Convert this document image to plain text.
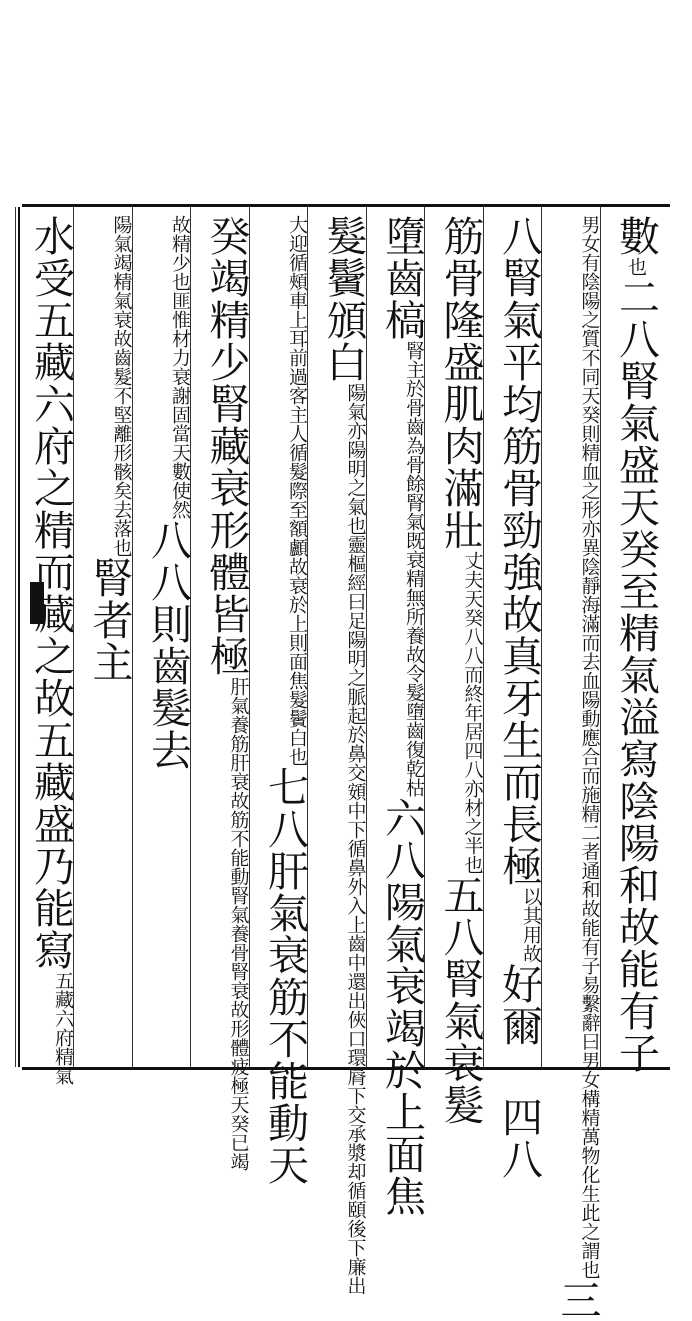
數也二八腎氣盛天癸至精氣溢寫陰陽和故能有子
男女有陰陽之質不同天癸則精血之形亦異陰靜海滿而去血陽動應
合而施精二者通和故能有子易繫辭曰男女構精萬物化生此之謂也
三
八腎氣平均筋骨勁強故真牙生而長極
以其
用故
好
爾 四八
筋骨隆盛肌肉滿壯
丈夫天癸八八而終年
居四八亦材之半也
五八腎氣衰髮
墮齒槁
腎主於骨齒為骨餘腎氣既衰
精無所養故令髮墮齒復乾枯
六八陽氣衰竭於上面焦
髮鬢頒白
陽氣亦陽明之氣也靈樞經曰足陽明之脈起於鼻交頞中下
循鼻外入上齒中還出俠口環脣下交承漿却循頤後下廉出
大迎循頰車上耳前過客主人循髮際
至額顱故衰於上則面焦髮鬢白也
七八肝氣衰筋不能動天
癸竭精少腎藏衰形體皆極
肝氣養筋肝衰故筋不能動腎氣
養骨腎衰故形體疲極天癸已竭
故精少也匪惟材力
衰謝固當天數使然
八八則齒髮去
陽氣竭精氣衰故齒髮
不堅離形骸矣去落也
腎者主
水受五藏六府之精而藏之故五藏盛乃能寫
五藏六
府精氣
